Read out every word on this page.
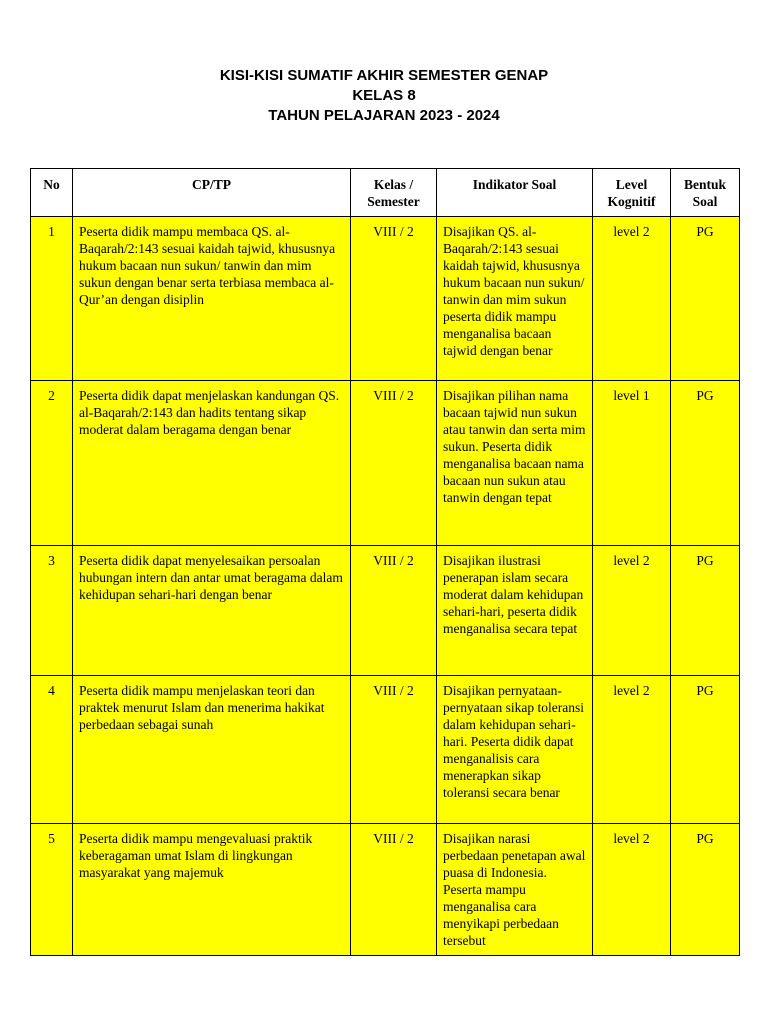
KISI-KISI SUMATIF AKHIR SEMESTER GENAP
KELAS 8
TAHUN PELAJARAN 2023 - 2024
No	CP/TP	Kelas / Semester	Indikator Soal	Level Kognitif	Bentuk Soal
1	Peserta didik mampu membaca QS. al-Baqarah/2:143 sesuai kaidah tajwid, khususnya hukum bacaan nun sukun/ tanwin dan mim sukun dengan benar serta terbiasa membaca al-Qur’an dengan disiplin	VIII / 2	Disajikan QS. al-Baqarah/2:143 sesuai kaidah tajwid, khususnya hukum bacaan nun sukun/ tanwin dan mim sukun peserta didik mampu menganalisa bacaan tajwid dengan benar	level 2	PG
2	Peserta didik dapat menjelaskan kandungan QS. al-Baqarah/2:143 dan hadits tentang sikap moderat dalam beragama dengan benar	VIII / 2	Disajikan pilihan nama bacaan tajwid nun sukun atau tanwin dan serta mim sukun. Peserta didik menganalisa bacaan nama bacaan nun sukun atau tanwin dengan tepat	level 1	PG
3	Peserta didik dapat menyelesaikan persoalan hubungan intern dan antar umat beragama dalam kehidupan sehari-hari dengan benar	VIII / 2	Disajikan ilustrasi penerapan islam secara moderat dalam kehidupan sehari-hari, peserta didik menganalisa secara tepat	level 2	PG
4	Peserta didik mampu menjelaskan teori dan praktek menurut Islam dan menerima hakikat perbedaan sebagai sunah	VIII / 2	Disajikan pernyataan-pernyataan sikap toleransi dalam kehidupan sehari-hari. Peserta didik dapat menganalisis cara menerapkan sikap toleransi secara benar	level 2	PG
5	Peserta didik mampu mengevaluasi praktik keberagaman umat Islam di lingkungan masyarakat yang majemuk	VIII / 2	Disajikan narasi perbedaan penetapan awal puasa di Indonesia. Peserta mampu menganalisa cara menyikapi perbedaan tersebut	level 2	PG
